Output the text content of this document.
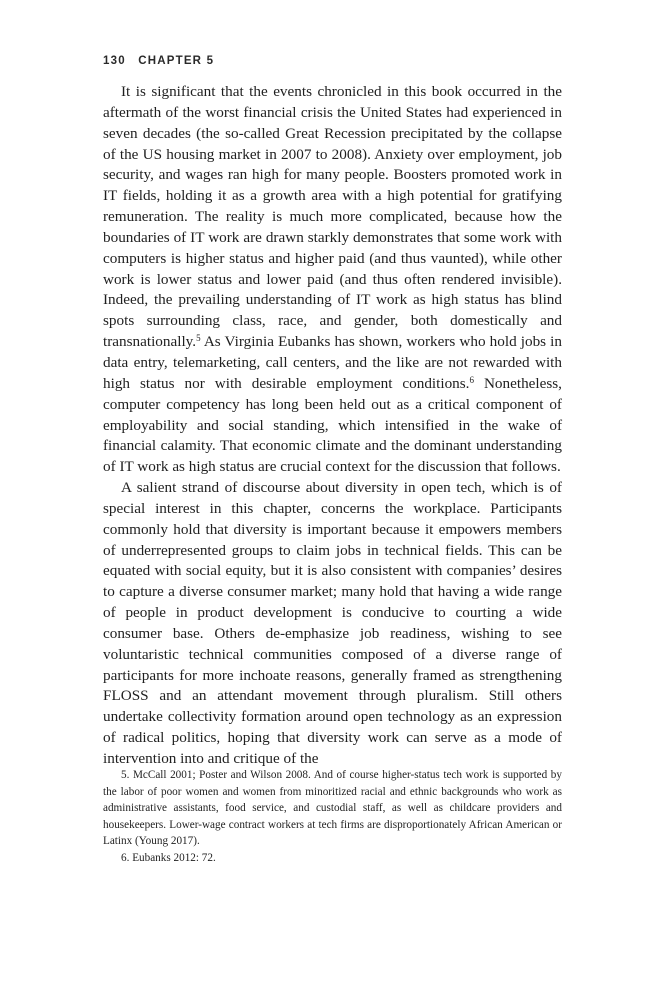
130 CHAPTER 5

It is significant that the events chronicled in this book occurred in the aftermath of the worst financial crisis the United States had experienced in seven decades (the so-called Great Recession precipitated by the collapse of the US housing market in 2007 to 2008). Anxiety over employment, job security, and wages ran high for many people. Boosters promoted work in IT fields, holding it as a growth area with a high potential for gratifying remuneration. The reality is much more complicated, because how the boundaries of IT work are drawn starkly demonstrates that some work with computers is higher status and higher paid (and thus vaunted), while other work is lower status and lower paid (and thus often rendered invisible). Indeed, the prevailing understanding of IT work as high status has blind spots surrounding class, race, and gender, both domestically and transnationally.$^5$ As Virginia Eubanks has shown, workers who hold jobs in data entry, telemarketing, call centers, and the like are not rewarded with high status nor with desirable employment conditions.$^6$ Nonetheless, computer competency has long been held out as a critical component of employability and social standing, which intensified in the wake of financial calamity. That economic climate and the dominant understanding of IT work as high status are crucial context for the discussion that follows.

A salient strand of discourse about diversity in open tech, which is of special interest in this chapter, concerns the workplace. Participants commonly hold that diversity is important because it empowers members of underrepresented groups to claim jobs in technical fields. This can be equated with social equity, but it is also consistent with companies’ desires to capture a diverse consumer market; many hold that having a wide range of people in product development is conducive to courting a wide consumer base. Others de-emphasize job readiness, wishing to see voluntaristic technical communities composed of a diverse range of participants for more inchoate reasons, generally framed as strengthening FLOSS and an attendant movement through pluralism. Still others undertake collectivity formation around open technology as an expression of radical politics, hoping that diversity work can serve as a mode of intervention into and critique of the

5. McCall 2001; Poster and Wilson 2008. And of course higher-status tech work is supported by the labor of poor women and women from minoritized racial and ethnic backgrounds who work as administrative assistants, food service, and custodial staff, as well as childcare providers and housekeepers. Lower-wage contract workers at tech firms are disproportionately African American or Latinx (Young 2017).

6. Eubanks 2012: 72.
